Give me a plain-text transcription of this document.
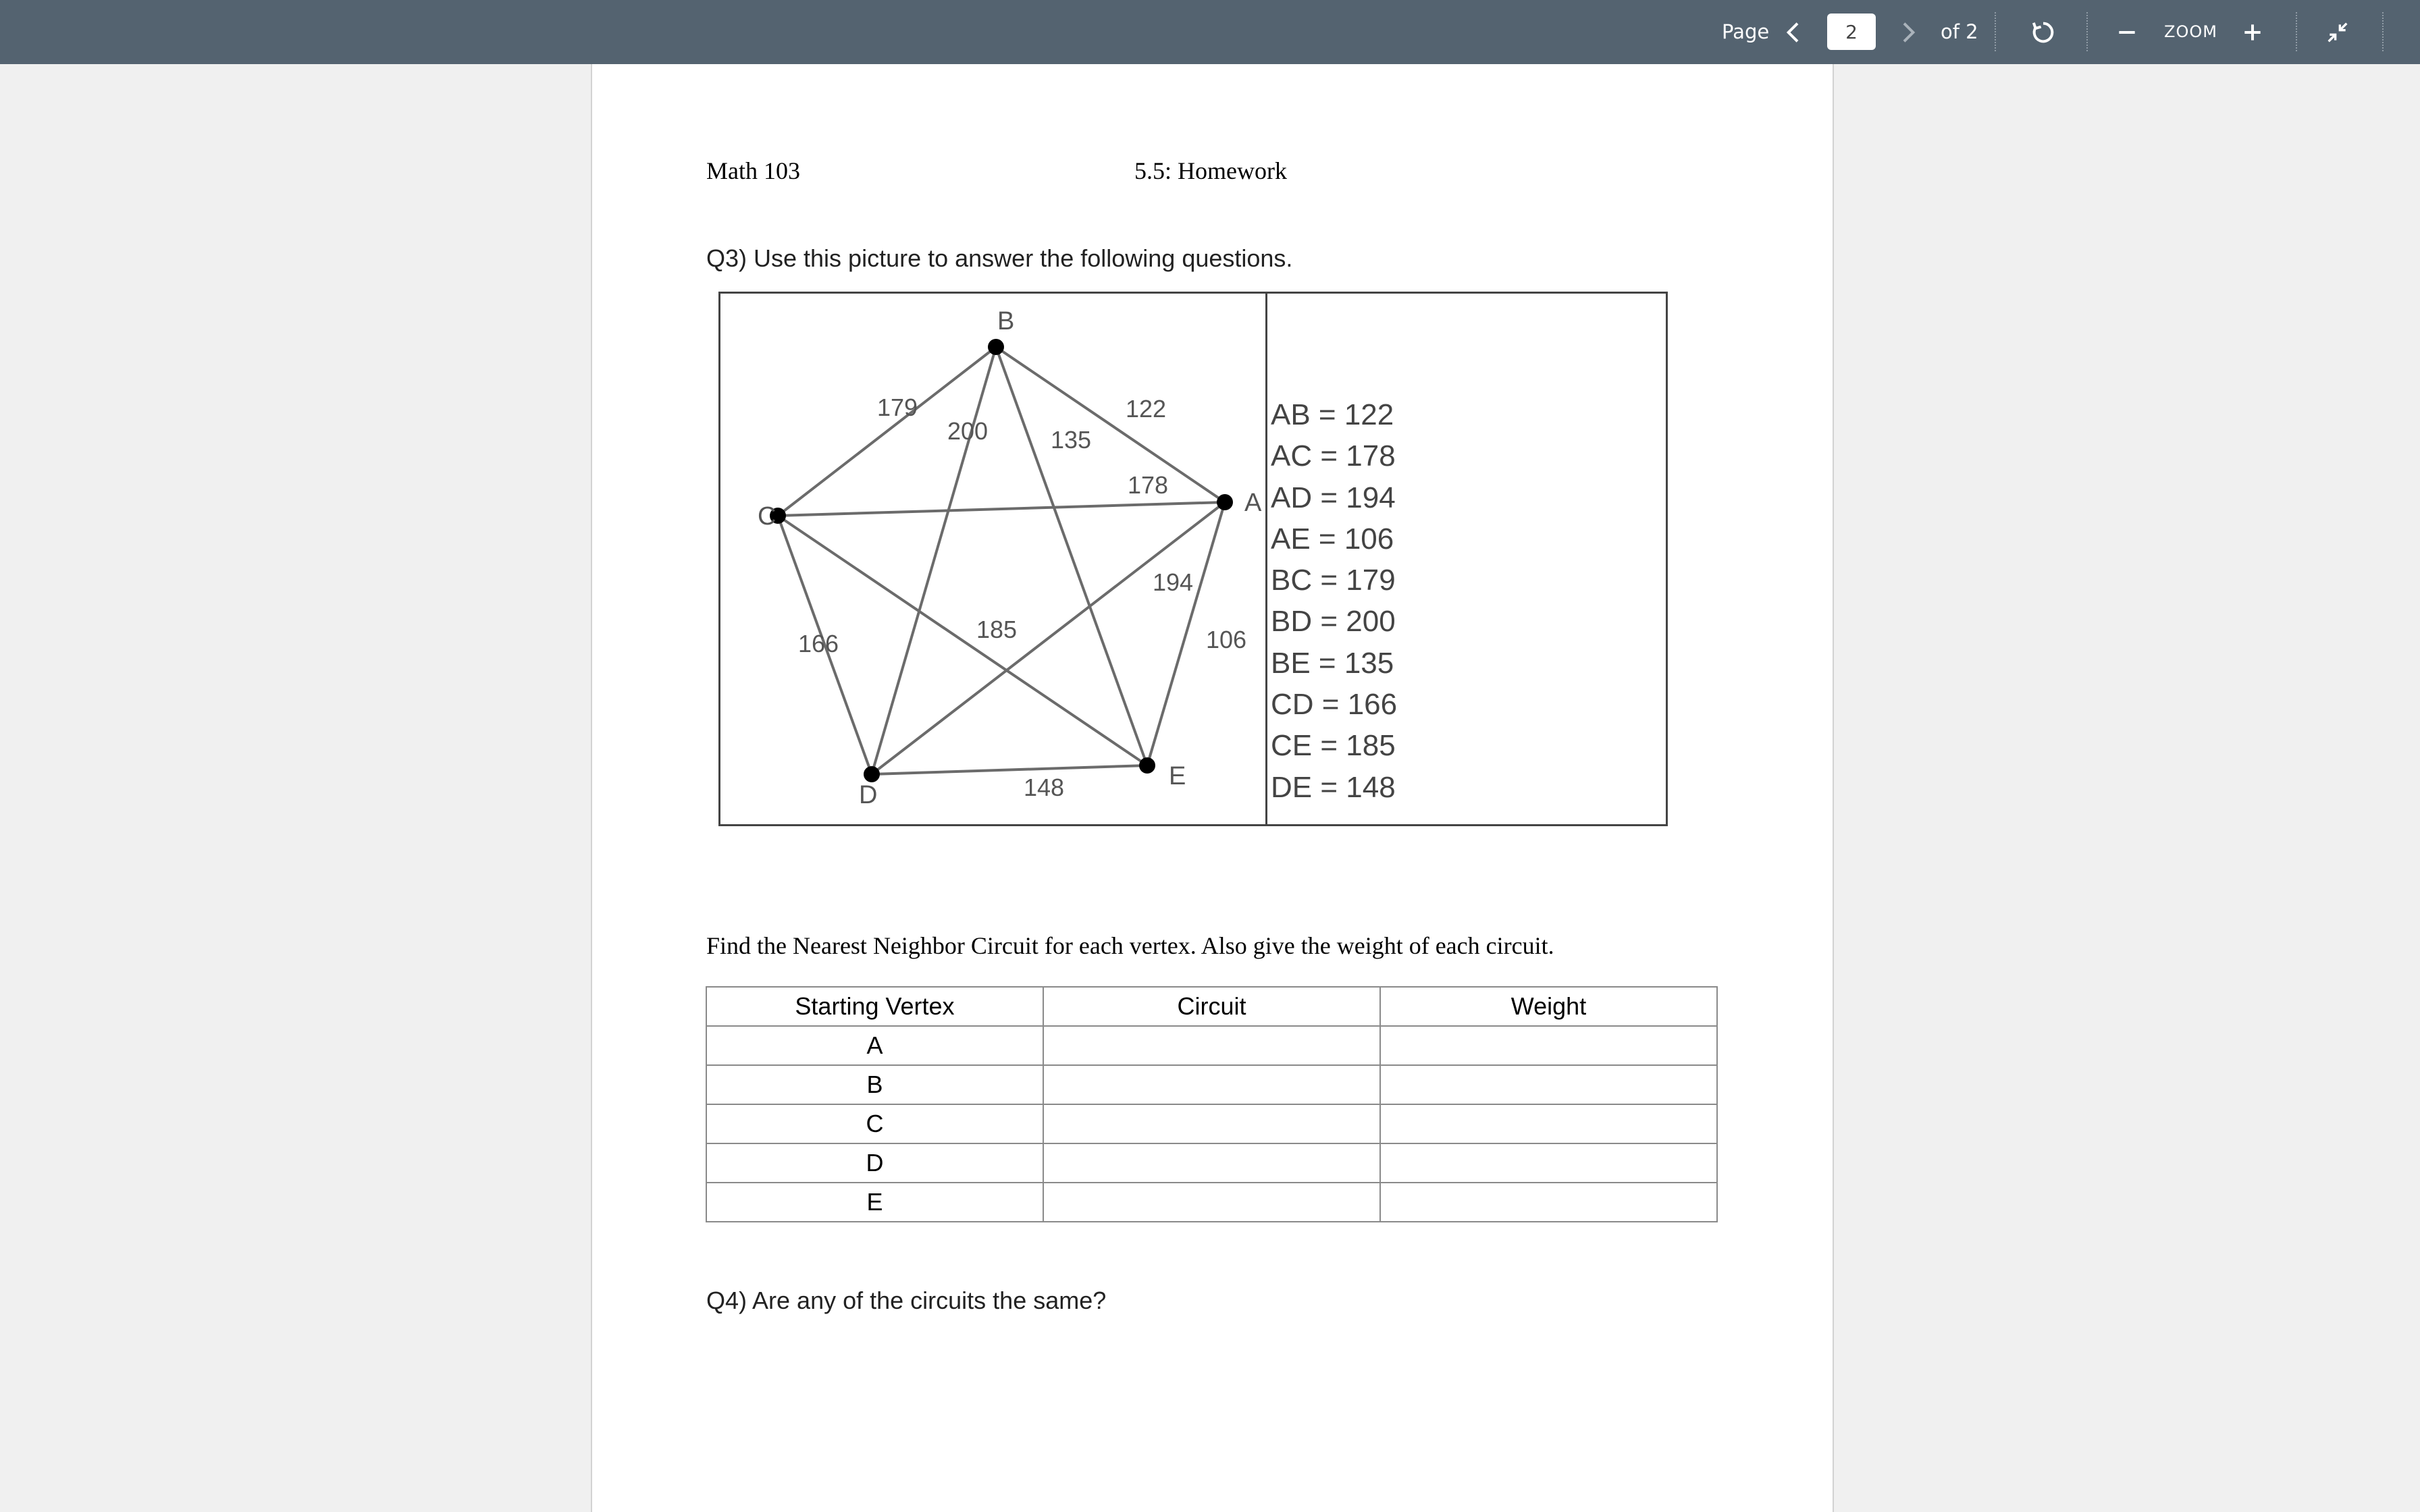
Page
2	of 2	ZOOM
Math 103	5.5: Homework
Q3) Use this picture to answer the following questions.
122
178
194
106
179
200	135
166
185
148
A
B
C
D
E
AB = 122
AC = 178
AD = 194
AE = 106
BC = 179
BD = 200
BE = 135
CD = 166
CE = 185
DE = 148
Find the Nearest Neighbor Circuit for each vertex. Also give the weight of each circuit.
Starting Vertex	Circuit	Weight
A		
B		
C		
D		
E		
Q4) Are any of the circuits the same?
